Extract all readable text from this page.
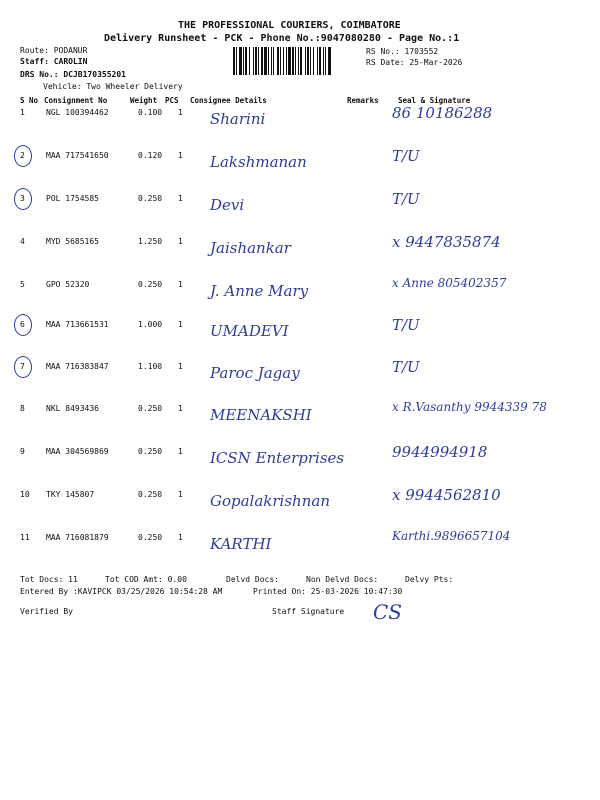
THE PROFESSIONAL COURIERS, COIMBATORE
Delivery Runsheet - PCK - Phone No.:9047080280 - Page No.:1
Route: PODANUR
Staff: CAROLIN
DRS No.: DCJB170355201
Vehicle: Two Wheeler Delivery
RS No.: 1703552
RS Date: 25-Mar-2026
S No Consignment No	Weight PCS Consignee Details	Remarks	Seal & Signature
1	NGL 100394462	0.100 1 Sharini	86 10186288
2	MAA 717541650	0.120 1 Lakshmanan	T/U
3	POL 1754585	0.250 1 Devi	T/U
4	MYD 5685165	1.250 1 Jaishankar	x 9447835874
5	GPO 52320	0.250 1 J. Anne Mary	x Anne 805402357
6	MAA 713661531	1.000 1 UMADEVI	T/U
7	MAA 716383847	1.100 1 Paroc Jagay	T/U
8	NKL 8493436	0.250 1 MEENAKSHI	x R.Vasanthy 9944339 78
9	MAA 304569869	0.250 1 ICSN Enterprises	9944994918
10 TKY 145807	0.250 1 Gopalakrishnan	x 9944562810
11 MAA 716081879	0.250 1 KARTHI	Karthi.9896657104
Tot Docs: 11	Tot COD Amt: 0.00	Delvd Docs:	Non Delvd Docs:	Delvy Pts:
Entered By :KAVIPCK 03/25/2026 10:54:28 AM	Printed On: 25-03-2026 10:47:30
Verified By	Staff Signature CS
